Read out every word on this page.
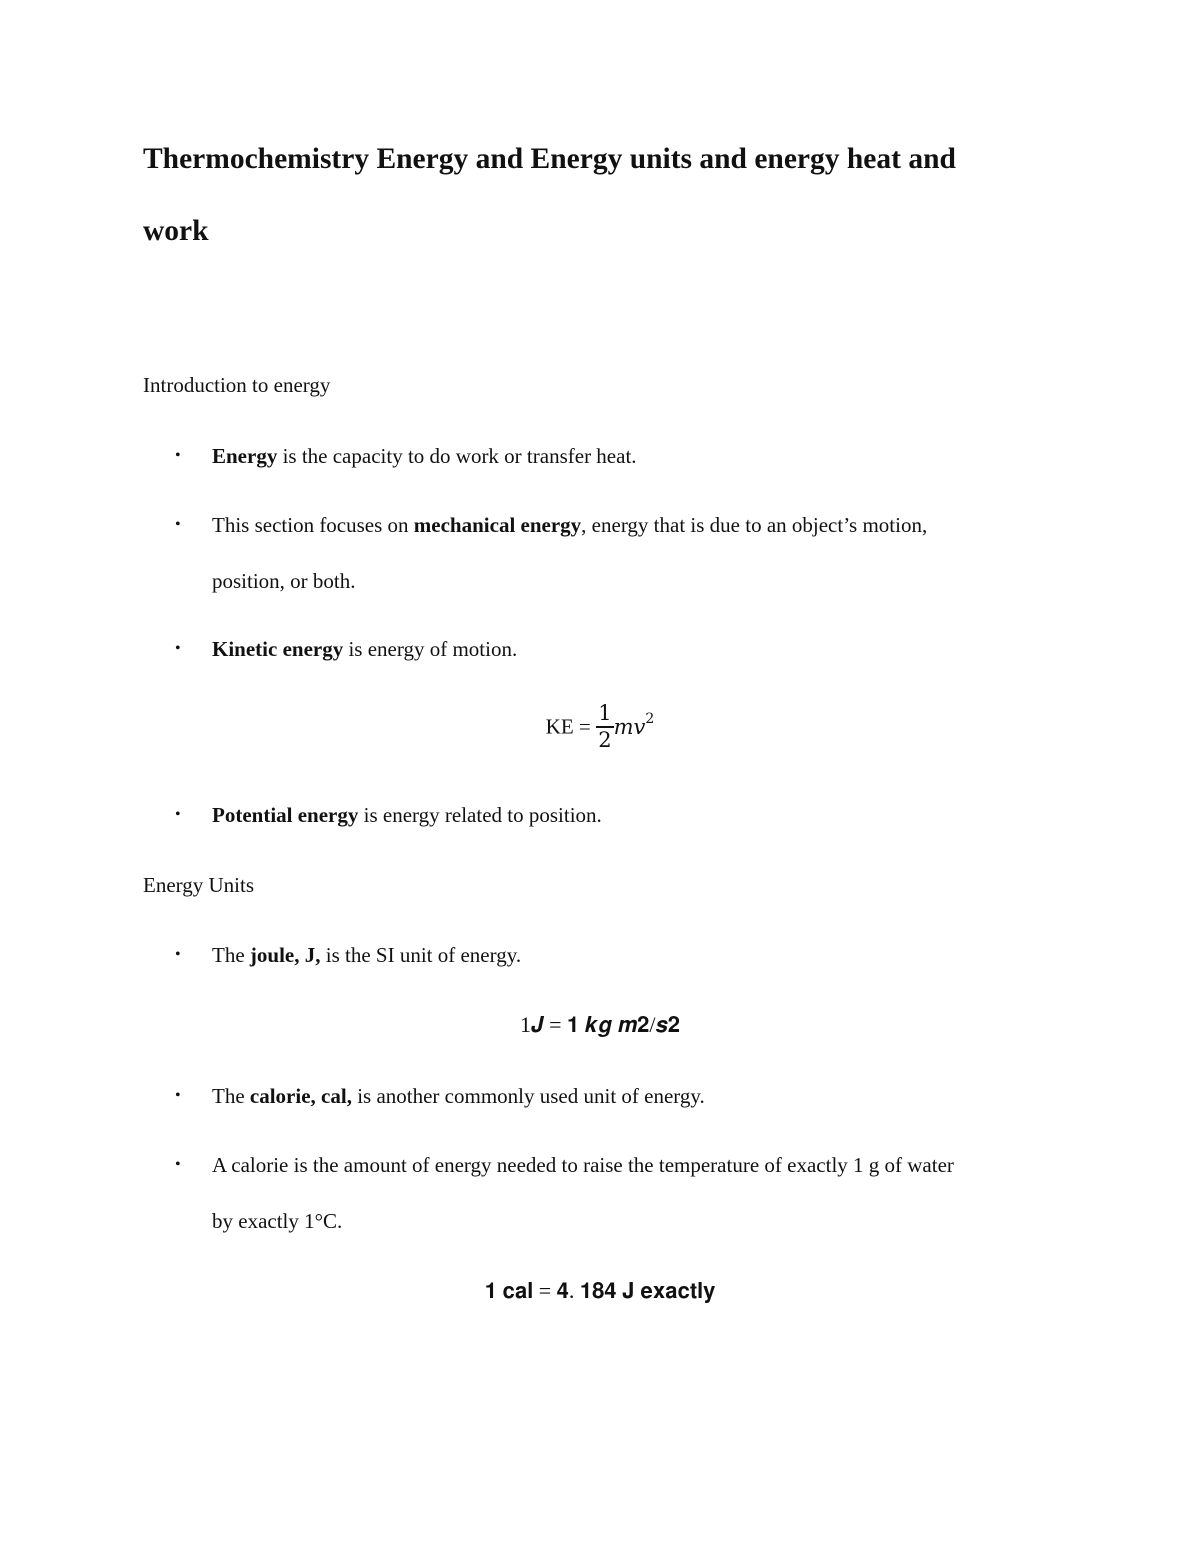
Thermochemistry Energy and Energy units and energy heat and
work
Introduction to energy
• Energy is the capacity to do work or transfer heat.
• This section focuses on mechanical energy, energy that is due to an object’s motion,
position, or both.
• Kinetic energy is energy of motion.
KE = $\frac{1}{2} mv^2$
• Potential energy is energy related to position.
Energy Units
• The joule, J, is the SI unit of energy.
1𝑱 = 𝟏 𝒌𝒈 𝒎𝟐/𝒔𝟐
• The calorie, cal, is another commonly used unit of energy.
• A calorie is the amount of energy needed to raise the temperature of exactly 1 g of water
by exactly 1°C.
𝟏 𝐜𝐚𝐥 = 𝟒. 𝟏𝟖𝟒 𝐉 𝐞𝐱𝐚𝐜𝐭𝐥𝐲
